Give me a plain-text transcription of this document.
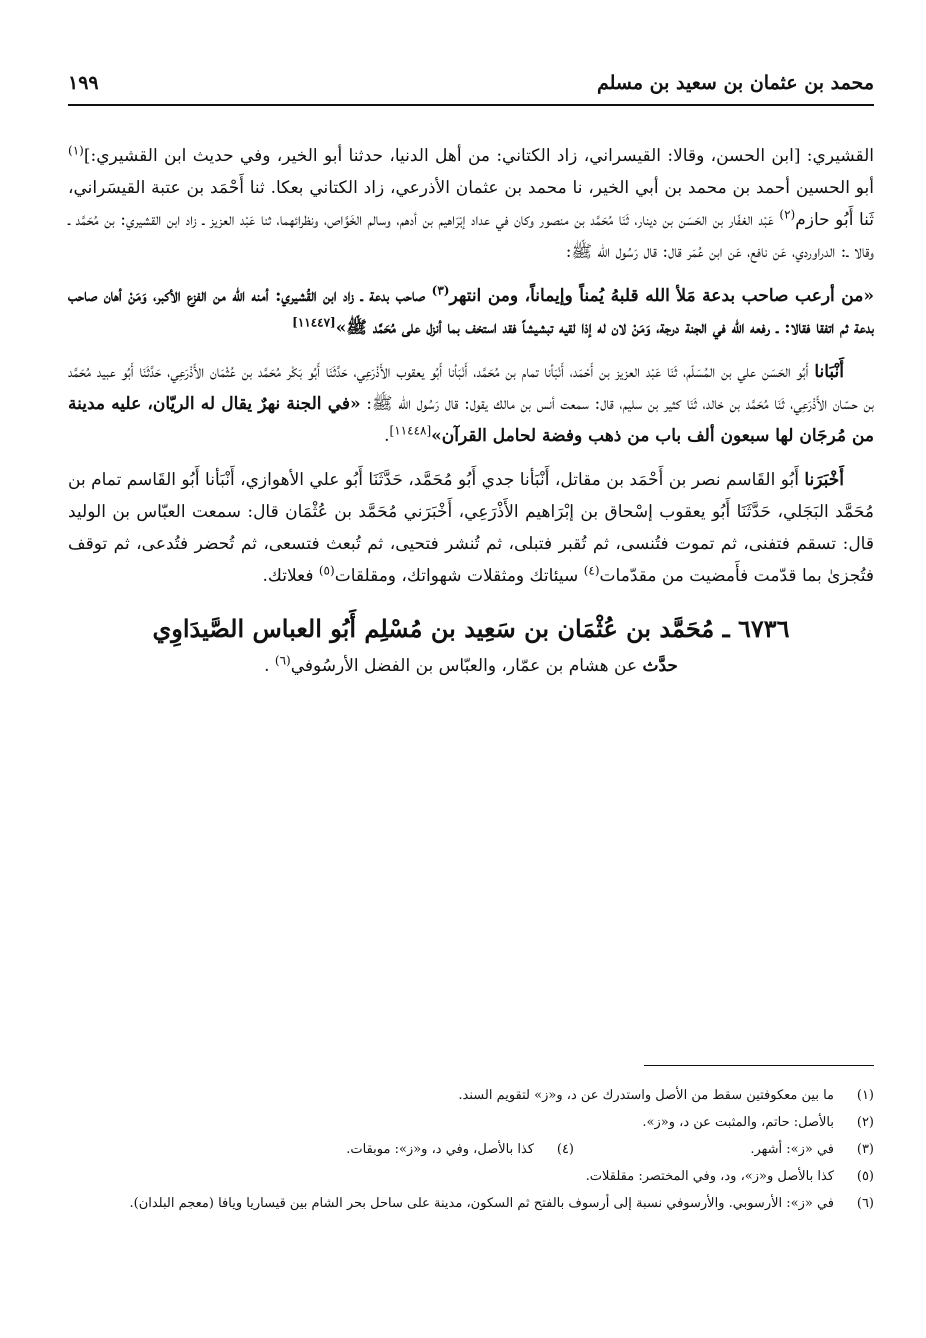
محمد بن عثمان بن سعيد بن مسلم
١٩٩

القشيري: [ابن الحسن، وقالا: القيسراني، زاد الكتاني: من أهل الدنيا، حدثنا أبو الخير، وفي حديث ابن القشيري:]$^{(١)}$ أبو الحسين أحمد بن محمد بن أبي الخير، نا محمد بن عثمان الأذرعي، زاد الكتاني بعكا. ثنا أَحْمَد بن عتبة القيسَراني، ثَنا أَبُو حازم$^{(٢)}$ عَبْد الغفّار بن الحَسَن بن دينار، ثَنَا مُحَمَّد بن منصور وكان في عداد إبْرَاهيم بن أدهم، وسالم الخَوَّاص، ونظرائهما، ثنا عَبْد العزيز ـ زاد ابن القشيري: بن مُحَمَّد ـ وقالا ـ: الدراوردي، عَن نافع، عَن ابن عُمَر قال: قال رَسُول الله ﷺ:

«من أرعب صاحب بدعة مَلأ الله قلبهُ يُمناً وإيماناً، ومن انتهر$^{(٣)}$ صاحب بدعة ـ زاد ابن القُشيري: أمنه الله من الفزع الأكبر، وَمَنْ أهان صاحب بدعة ثم اتفقا فقالا: ـ رفعه الله في الجنة درجة، وَمَنْ لان له إذا لقيه تبشيشاً فقد استخف بما أنزل على مُحَمَّد ﷺ»[١١٤٤٧]

أَنْبَانا أَبُو الحَسَن علي بن المُسَلّم، ثَنَا عَبْد العزيز بن أَحْمَد، أَنْبَأنا تمام بن مُحَمَّد، أَنْبَأنا أَبُو يعقوب الأَذْرَعِي، حَدَّثَنَا أَبُو بَكْر مُحَمَّد بن عُثْمَان الأَذْرَعِي، حَدَّثَنَا أَبُو عبيد مُحَمَّد بن حسّان الأَذْرَعِي، ثَنَا مُحَمَّد بن خالد، ثَنَا كثير بن سليم، قال: سمعت أنس بن مالك يقول: قال رَسُول الله ﷺ: «في الجنة نهرٌ يقال له الريّان، عليه مدينة من مُرجَان لها سبعون ألف باب من ذهب وفضة لحامل القرآن»[١١٤٤٨].

أَخْبَرَنا أَبُو القَاسم نصر بن أَحْمَد بن مقاتل، أَنْبَأنا جدي أَبُو مُحَمَّد، حَدَّثَنَا أَبُو علي الأهوازي، أَنْبَأنا أَبُو القَاسم تمام بن مُحَمَّد البَجَلي، حَدَّثَنَا أَبُو يعقوب إسْحاق بن إبْرَاهيم الأَذْرَعِي، أَخْبَرَني مُحَمَّد بن عُثْمَان قال: سمعت العبّاس بن الوليد قال: تسقم فتفنى، ثم تموت فتُنسى، ثم تُقبر فتبلى، ثم تُنشر فتحيى، ثم تُبعث فتسعى، ثم تُحضر فتُدعى، ثم توقف فتُجزىٰ بما قدّمت فأَمضيت من مقدّمات$^{(٤)}$ سيئاتك ومثقلات شهواتك، ومقلقات$^{(٥)}$ فعلاتك.

٦٧٣٦ ـ مُحَمَّد بن عُثْمَان بن سَعِيد بن مُسْلِم أَبُو العباس الصَّيدَاوِي

حدَّث عن هشام بن عمّار، والعبّاس بن الفضل الأرسُوفي$^{(٦)}$ .

(١)
ما بين معكوفتين سقط من الأصل واستدرك عن د، و«ز» لتقويم السند.
(٢)
بالأصل: حاتم، والمثبت عن د، و«ز».
(٣)
في «ز»: أشهر.
(٤)
كذا بالأصل، وفي د، و«ز»: موبقات.
(٥)
كذا بالأصل و«ز»، ود، وفي المختصر: مقلقلات.
(٦)
في «ز»: الأرسوبي. والأرسوفي نسبة إلى أرسوف بالفتح ثم السكون، مدينة على ساحل بحر الشام بين قيساريا ويافا (معجم البلدان).
